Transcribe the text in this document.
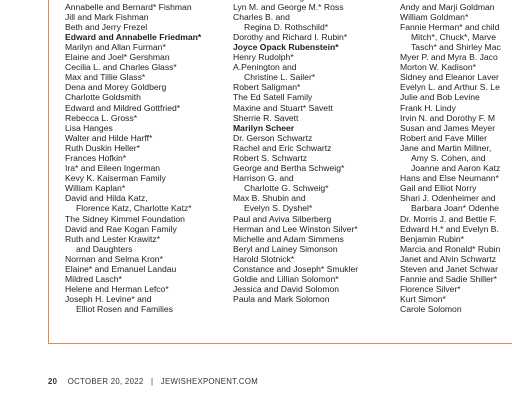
Annabelle and Bernard* Fishman
Jill and Mark Fishman
Beth and Jerry Frezel
Edward and Annabelle Friedman*
Marilyn and Allan Furman*
Elaine and Joel* Gershman
Cecilia L. and Charles Glass*
Max and Tillie Glass*
Dena and Morey Goldberg
Charlotte Goldsmith
Edward and Mildred Gottfried*
Rebecca L. Gross*
Lisa Hanges
Walter and Hilde Harff*
Ruth Duskin Heller*
Frances Hofkin*
Ira* and Eileen Ingerman
Kevy K. Kaiserman Family
William Kaplan*
David and Hilda Katz,
Florence Katz, Charlotte Katz*
The Sidney Kimmel Foundation
David and Rae Kogan Family
Ruth and Lester Krawitz*
and Daughters
Norman and Selma Kron*
Elaine* and Emanuel Landau
Mildred Lasch*
Helene and Herman Lefco*
Joseph H. Levine* and
Elliot Rosen and Families
Lyn M. and George M.* Ross
Charles B. and
Regina D. Rothschild*
Dorothy and Richard I. Rubin*
Joyce Opack Rubenstein*
Henry Rudolph*
A.Penington and
Christine L. Sailer*
Robert Saligman*
The Ed Satell Family
Maxine and Stuart* Savett
Sherrie R. Savett
Marilyn Scheer
Dr. Gerson Schwartz
Rachel and Eric Schwartz
Robert S. Schwartz
George and Bertha Schweig*
Harrison G. and
Charlotte G. Schweig*
Max B. Shubin and
Evelyn S. Dyshel*
Paul and Aviva Silberberg
Herman and Lee Winston Silver*
Michelle and Adam Simmens
Beryl and Lainey Simonson
Harold Slotnick*
Constance and Joseph* Smukler
Goldie and Lillian Solomon*
Jessica and David Solomon
Paula and Mark Solomon
Andy and Marji Goldman
William Goldman*
Fannie Herman* and child
Mitch*, Chuck*, Marve
Tasch* and Shirley Mac
Myer P. and Myra B. Jaco
Morton W. Kadison*
Sidney and Eleanor Laver
Evelyn L. and Arthur S. Le
Julie and Bob Levine
Frank H. Lindy
Irvin N. and Dorothy F. M
Susan and James Meyer
Robert and Fave Miller
Jane and Martin Millner,
Amy S. Cohen, and
Joanne and Aaron Katz
Hans and Else Neumann*
Gail and Elliot Norry
Shari J. Odenheimer and
Barbara Joan* Odenhe
Dr. Morris J. and Bettie F.
Edward H.* and Evelyn B.
Benjamin Rubin*
Marcia and Ronald* Rubin
Janet and Alvin Schwartz
Steven and Janet Schwar
Fannie and Sadie Shiller*
Florence Silver*
Kurt Simon*
Carole Solomon
20 OCTOBER 20, 2022 | JEWISHEXPONENT.COM
